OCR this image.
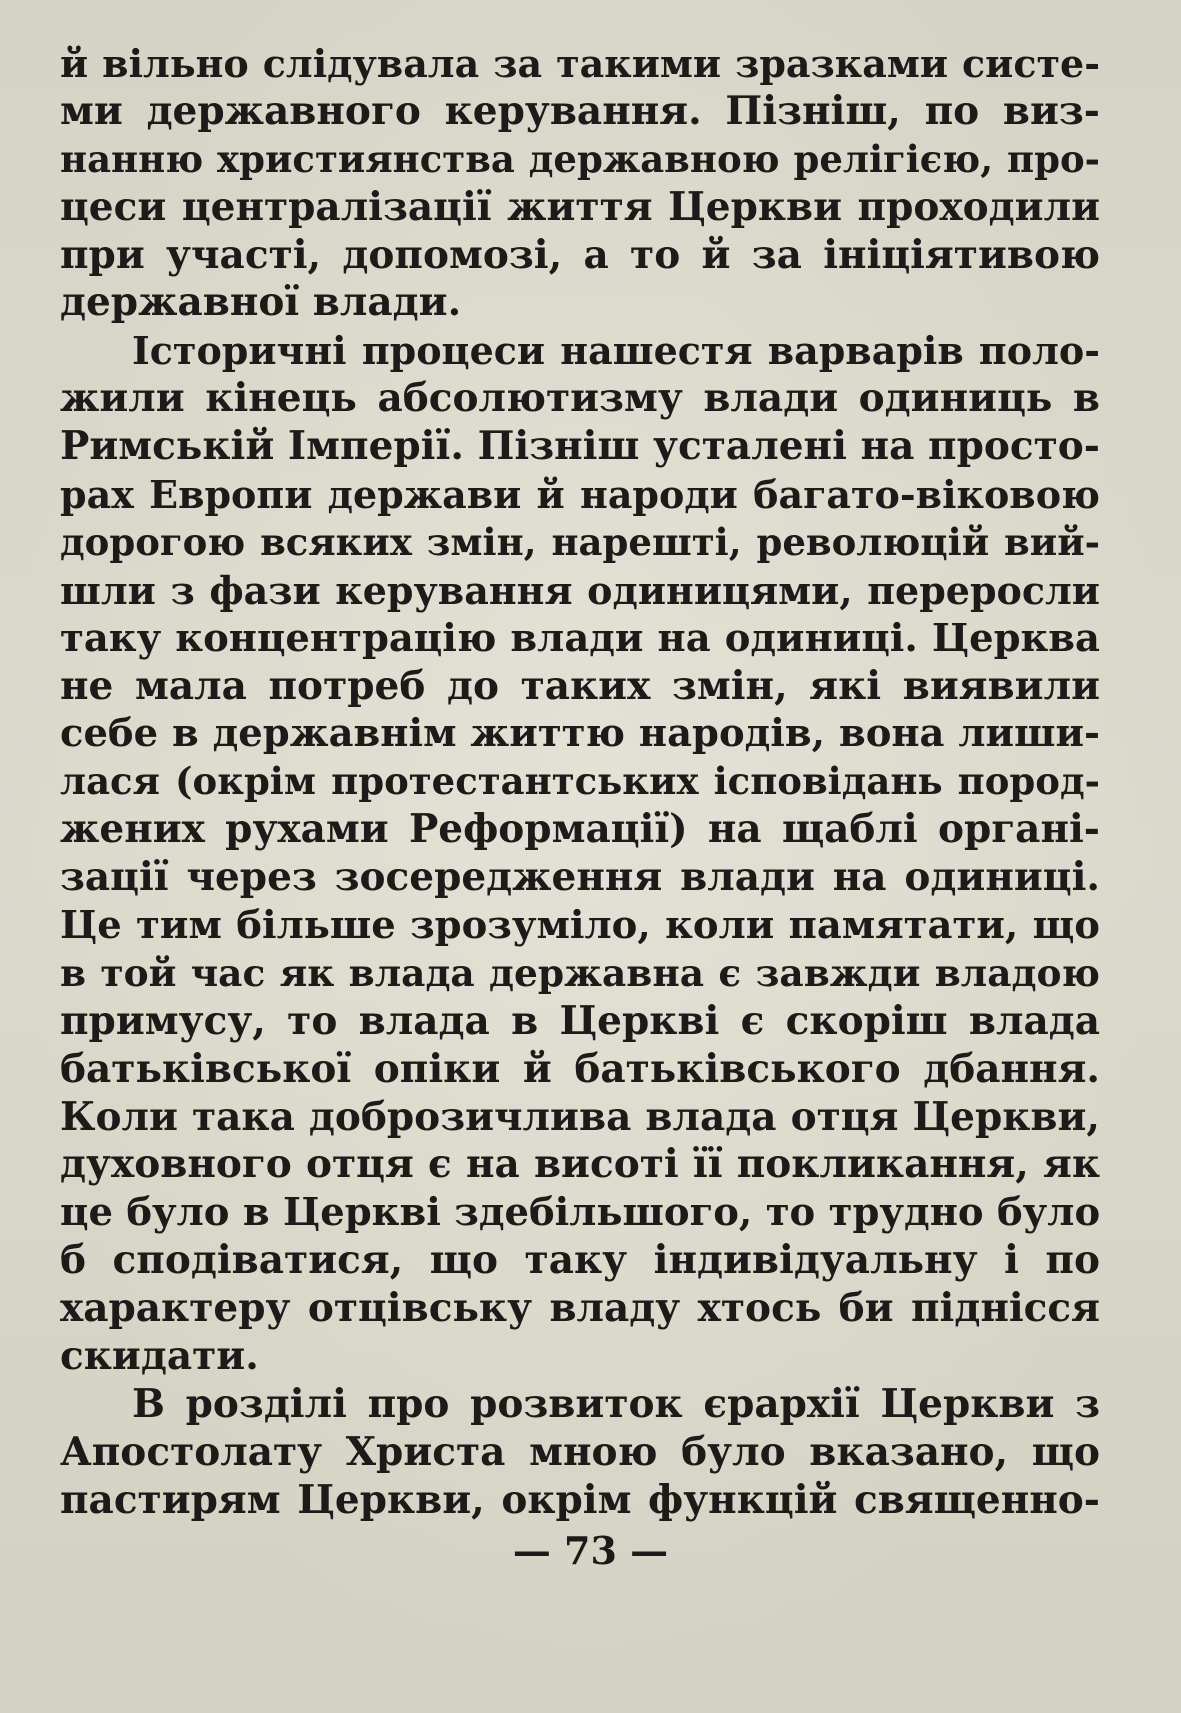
й вільно слідувала за такими зразками систе-
ми державного керування. Пізніш, по виз-
нанню християнства державною релігією, про-
цеси централізації життя Церкви проходили
при участі, допомозі, а то й за ініціятивою
державної влади.
Історичні процеси нашестя варварів поло-
жили кінець абсолютизму влади одиниць в
Римській Імперії. Пізніш усталені на просто-
рах Европи держави й народи багато-віковою
дорогою всяких змін, нарешті, революцій вий-
шли з фази керування одиницями, переросли
таку концентрацію влади на одиниці. Церква
не мала потреб до таких змін, які виявили
себе в державнім життю народів, вона лиши-
лася (окрім протестантських ісповідань пород-
жених рухами Реформації) на щаблі органі-
зації через зосередження влади на одиниці.
Це тим більше зрозуміло, коли памятати, що
в той час як влада державна є завжди владою
примусу, то влада в Церкві є скоріш влада
батьківської опіки й батьківського дбання.
Коли така доброзичлива влада отця Церкви,
духовного отця є на висоті її покликання, як
це було в Церкві здебільшого, то трудно було
б сподіватися, що таку індивідуальну і по
характеру отцівську владу хтось би піднісся
скидати.
В розділі про розвиток єрархії Церкви з
Апостолату Христа мною було вказано, що
пастирям Церкви, окрім функцій священно-
— 73 —
